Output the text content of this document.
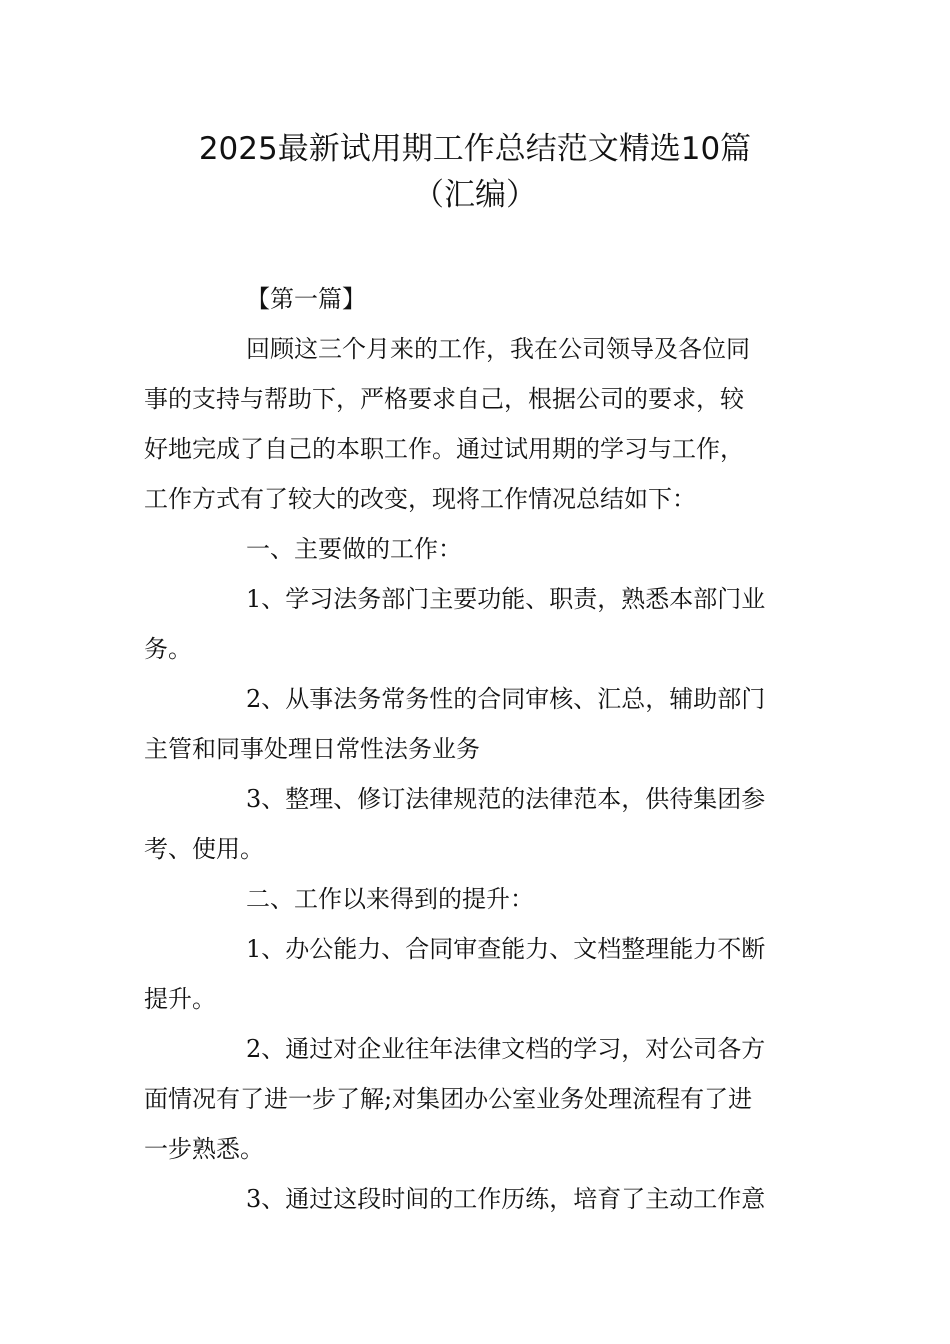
2025最新试用期工作总结范文精选10篇
（汇编）
【第一篇】
回顾这三个月来的工作，我在公司领导及各位同
事的支持与帮助下，严格要求自己，根据公司的要求，较
好地完成了自己的本职工作。通过试用期的学习与工作，
工作方式有了较大的改变，现将工作情况总结如下：
一、主要做的工作：
1、学习法务部门主要功能、职责，熟悉本部门业
务。
2、从事法务常务性的合同审核、汇总，辅助部门
主管和同事处理日常性法务业务
3、整理、修订法律规范的法律范本，供待集团参
考、使用。
二、工作以来得到的提升：
1、办公能力、合同审查能力、文档整理能力不断
提升。
2、通过对企业往年法律文档的学习，对公司各方
面情况有了进一步了解;对集团办公室业务处理流程有了进
一步熟悉。
3、通过这段时间的工作历练，培育了主动工作意
